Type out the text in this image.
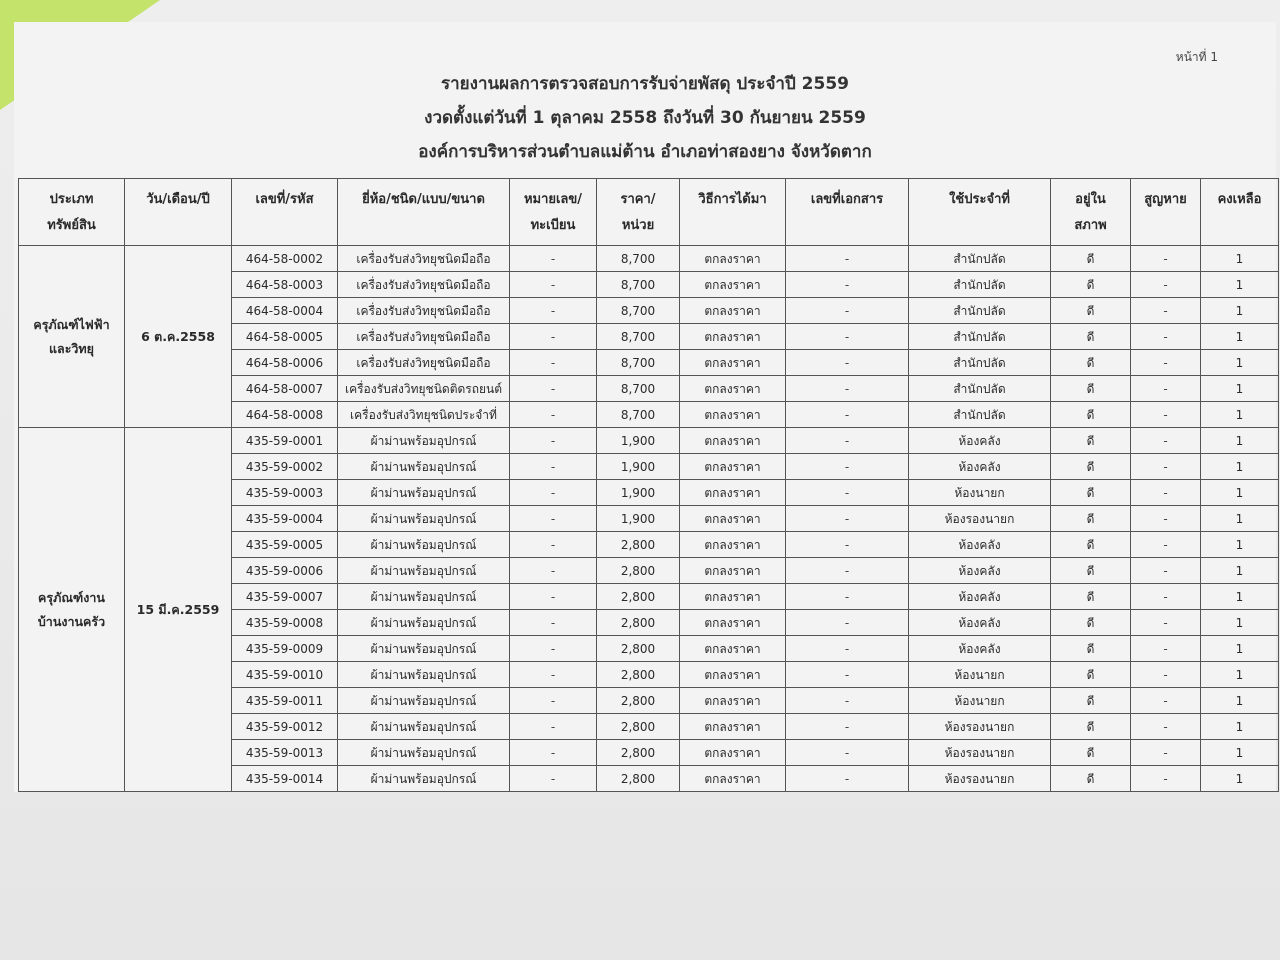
หน้าที่ 1
รายงานผลการตรวจสอบการรับจ่ายพัสดุ ประจำปี 2559
งวดตั้งแต่วันที่ 1 ตุลาคม 2558 ถึงวันที่ 30 กันยายน 2559
องค์การบริหารส่วนตำบลแม่ต้าน อำเภอท่าสองยาง จังหวัดตาก
ประเภท
ทรัพย์สิน	วัน/เดือน/ปี	เลขที่/รหัส	ยี่ห้อ/ชนิด/แบบ/ขนาด	หมายเลข/
ทะเบียน	ราคา/
หน่วย	วิธีการได้มา	เลขที่เอกสาร	ใช้ประจำที่	อยู่ใน
สภาพ	สูญหาย	คงเหลือ
ครุภัณฑ์ไฟฟ้า
และวิทยุ	6 ต.ค.2558	464-58-0002	เครื่องรับส่งวิทยุชนิดมือถือ	-	8,700	ตกลงราคา	-	สำนักปลัด	ดี	-	1
		464-58-0003	เครื่องรับส่งวิทยุชนิดมือถือ	-	8,700	ตกลงราคา	-	สำนักปลัด	ดี	-	1
		464-58-0004	เครื่องรับส่งวิทยุชนิดมือถือ	-	8,700	ตกลงราคา	-	สำนักปลัด	ดี	-	1
		464-58-0005	เครื่องรับส่งวิทยุชนิดมือถือ	-	8,700	ตกลงราคา	-	สำนักปลัด	ดี	-	1
		464-58-0006	เครื่องรับส่งวิทยุชนิดมือถือ	-	8,700	ตกลงราคา	-	สำนักปลัด	ดี	-	1
		464-58-0007	เครื่องรับส่งวิทยุชนิดติดรถยนต์	-	8,700	ตกลงราคา	-	สำนักปลัด	ดี	-	1
		464-58-0008	เครื่องรับส่งวิทยุชนิดประจำที่	-	8,700	ตกลงราคา	-	สำนักปลัด	ดี	-	1
ครุภัณฑ์งาน
บ้านงานครัว	15 มี.ค.2559	435-59-0001	ผ้าม่านพร้อมอุปกรณ์	-	1,900	ตกลงราคา	-	ห้องคลัง	ดี	-	1
		435-59-0002	ผ้าม่านพร้อมอุปกรณ์	-	1,900	ตกลงราคา	-	ห้องคลัง	ดี	-	1
		435-59-0003	ผ้าม่านพร้อมอุปกรณ์	-	1,900	ตกลงราคา	-	ห้องนายก	ดี	-	1
		435-59-0004	ผ้าม่านพร้อมอุปกรณ์	-	1,900	ตกลงราคา	-	ห้องรองนายก	ดี	-	1
		435-59-0005	ผ้าม่านพร้อมอุปกรณ์	-	2,800	ตกลงราคา	-	ห้องคลัง	ดี	-	1
		435-59-0006	ผ้าม่านพร้อมอุปกรณ์	-	2,800	ตกลงราคา	-	ห้องคลัง	ดี	-	1
		435-59-0007	ผ้าม่านพร้อมอุปกรณ์	-	2,800	ตกลงราคา	-	ห้องคลัง	ดี	-	1
		435-59-0008	ผ้าม่านพร้อมอุปกรณ์	-	2,800	ตกลงราคา	-	ห้องคลัง	ดี	-	1
		435-59-0009	ผ้าม่านพร้อมอุปกรณ์	-	2,800	ตกลงราคา	-	ห้องคลัง	ดี	-	1
		435-59-0010	ผ้าม่านพร้อมอุปกรณ์	-	2,800	ตกลงราคา	-	ห้องนายก	ดี	-	1
		435-59-0011	ผ้าม่านพร้อมอุปกรณ์	-	2,800	ตกลงราคา	-	ห้องนายก	ดี	-	1
		435-59-0012	ผ้าม่านพร้อมอุปกรณ์	-	2,800	ตกลงราคา	-	ห้องรองนายก	ดี	-	1
		435-59-0013	ผ้าม่านพร้อมอุปกรณ์	-	2,800	ตกลงราคา	-	ห้องรองนายก	ดี	-	1
		435-59-0014	ผ้าม่านพร้อมอุปกรณ์	-	2,800	ตกลงราคา	-	ห้องรองนายก	ดี	-	1
